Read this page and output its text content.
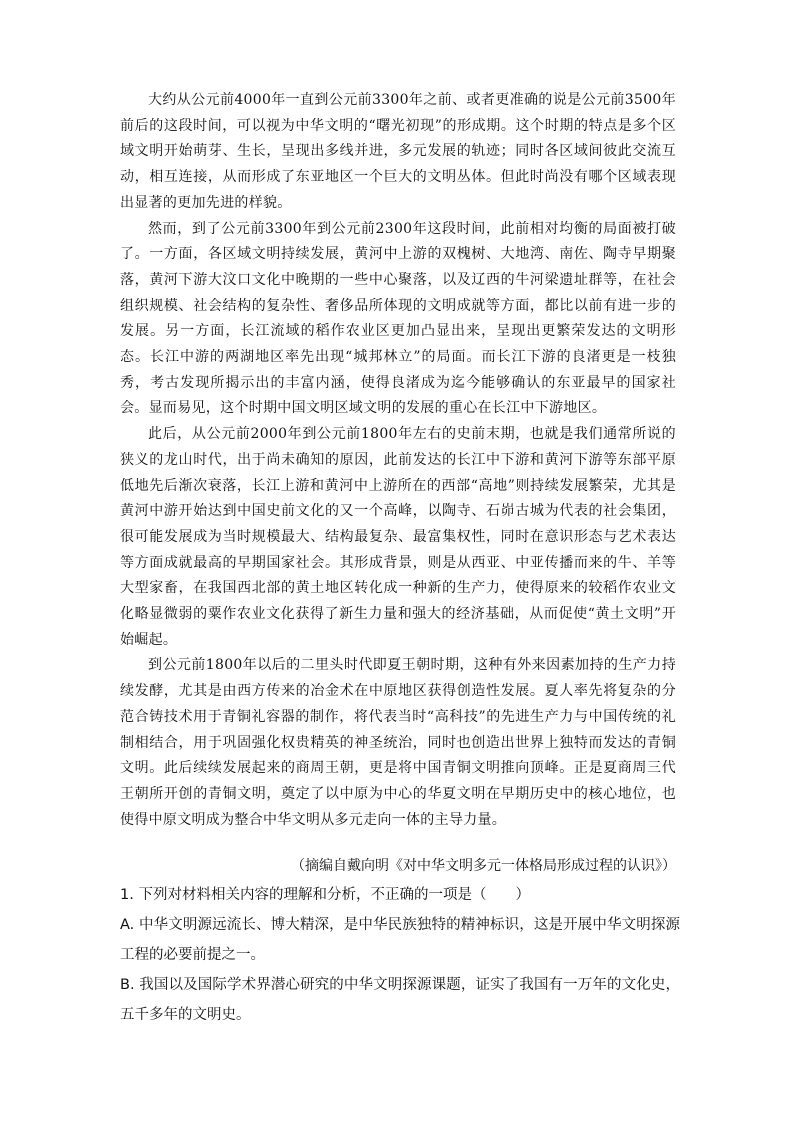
大约从公元前4000年一直到公元前3300年之前、或者更准确的说是公元前3500年前后的这段时间，可以视为中华文明的“曙光初现”的形成期。这个时期的特点是多个区域文明开始萌芽、生长，呈现出多线并进，多元发展的轨迹；同时各区域间彼此交流互动，相互连接，从而形成了东亚地区一个巨大的文明丛体。但此时尚没有哪个区域表现出显著的更加先进的样貌。

然而，到了公元前3300年到公元前2300年这段时间，此前相对均衡的局面被打破了。一方面，各区域文明持续发展，黄河中上游的双槐树、大地湾、南佐、陶寺早期聚落，黄河下游大汶口文化中晚期的一些中心聚落，以及辽西的牛河梁遗址群等，在社会组织规模、社会结构的复杂性、奢侈品所体现的文明成就等方面，都比以前有进一步的发展。另一方面，长江流域的稻作农业区更加凸显出来，呈现出更繁荣发达的文明形态。长江中游的两湖地区率先出现“城邦林立”的局面。而长江下游的良渚更是一枝独秀，考古发现所揭示出的丰富内涵，使得良渚成为迄今能够确认的东亚最早的国家社会。显而易见，这个时期中国文明区域文明的发展的重心在长江中下游地区。

此后，从公元前2000年到公元前1800年左右的史前末期，也就是我们通常所说的狭义的龙山时代，出于尚未确知的原因，此前发达的长江中下游和黄河下游等东部平原低地先后渐次衰落，长江上游和黄河中上游所在的西部“高地”则持续发展繁荣，尤其是黄河中游开始达到中国史前文化的又一个高峰，以陶寺、石峁古城为代表的社会集团，很可能发展成为当时规模最大、结构最复杂、最富集权性，同时在意识形态与艺术表达等方面成就最高的早期国家社会。其形成背景，则是从西亚、中亚传播而来的牛、羊等大型家畜，在我国西北部的黄土地区转化成一种新的生产力，使得原来的较稻作农业文化略显微弱的粟作农业文化获得了新生力量和强大的经济基础，从而促使“黄土文明”开始崛起。

到公元前1800年以后的二里头时代即夏王朝时期，这种有外来因素加持的生产力持续发酵，尤其是由西方传来的冶金术在中原地区获得创造性发展。夏人率先将复杂的分范合铸技术用于青铜礼容器的制作，将代表当时“高科技”的先进生产力与中国传统的礼制相结合，用于巩固强化权贵精英的神圣统治，同时也创造出世界上独特而发达的青铜文明。此后续续发展起来的商周王朝，更是将中国青铜文明推向顶峰。正是夏商周三代王朝所开创的青铜文明，奠定了以中原为中心的华夏文明在早期历史中的核心地位，也使得中原文明成为整合中华文明从多元走向一体的主导力量。

（摘编自戴向明《对中华文明多元一体格局形成过程的认识》）
1. 下列对材料相关内容的理解和分析，不正确的一项是（　　）
A. 中华文明源远流长、博大精深，是中华民族独特的精神标识，这是开展中华文明探源工程的必要前提之一。
B. 我国以及国际学术界潜心研究的中华文明探源课题，证实了我国有一万年的文化史，五千多年的文明史。
